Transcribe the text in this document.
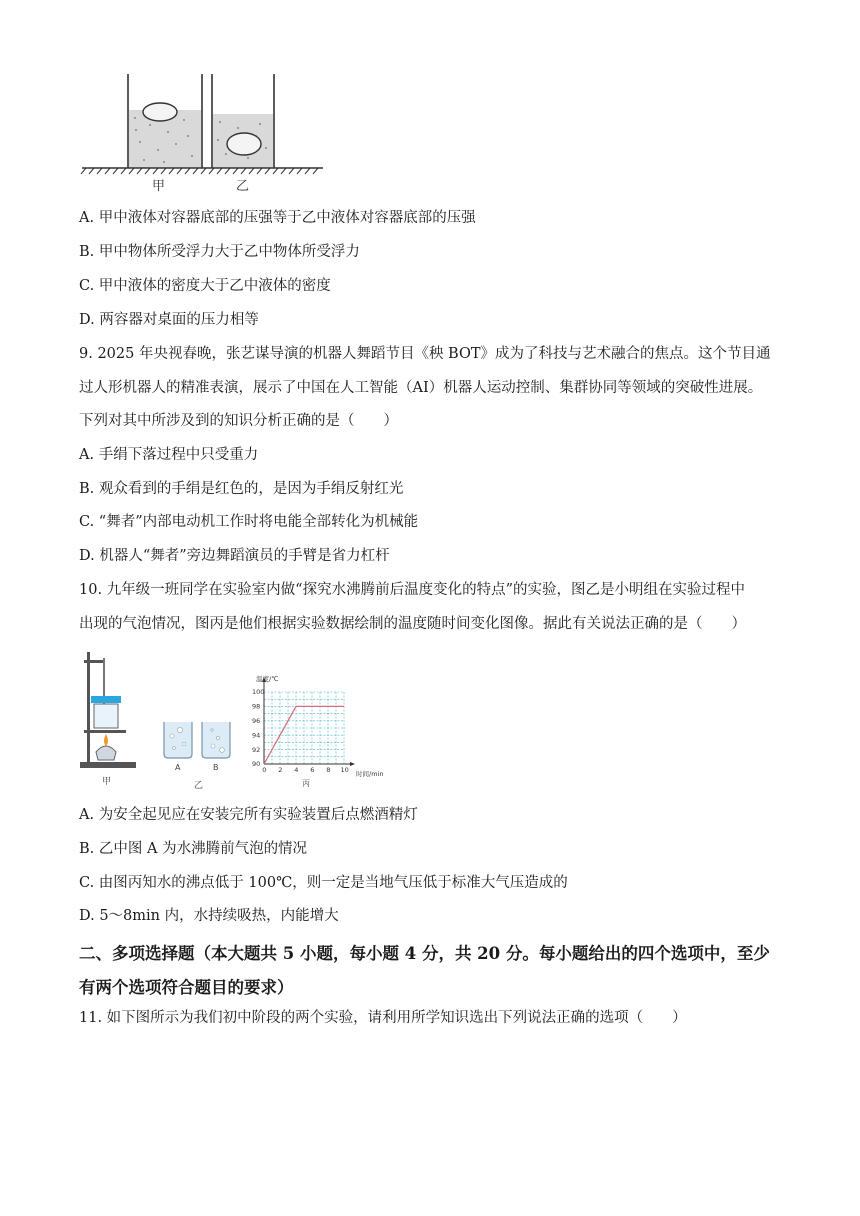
甲	乙
A. 甲中液体对容器底部的压强等于乙中液体对容器底部的压强
B. 甲中物体所受浮力大于乙中物体所受浮力
C. 甲中液体的密度大于乙中液体的密度
D. 两容器对桌面的压力相等
9. 2025 年央视春晚，张艺谋导演的机器人舞蹈节目《秧 BOT》成为了科技与艺术融合的焦点。这个节目通
过人形机器人的精准表演，展示了中国在人工智能（AI）机器人运动控制、集群协同等领域的突破性进展。
下列对其中所涉及到的知识分析正确的是（　　）
A. 手绢下落过程中只受重力
B. 观众看到的手绢是红色的，是因为手绢反射红光
C. “舞者”内部电动机工作时将电能全部转化为机械能
D. 机器人“舞者”旁边舞蹈演员的手臂是省力杠杆
10. 九年级一班同学在实验室内做“探究水沸腾前后温度变化的特点”的实验，图乙是小明组在实验过程中
出现的气泡情况，图丙是他们根据实验数据绘制的温度随时间变化图像。据此有关说法正确的是（　　）
甲
A	B
乙
0 2 4 6 8 10
90
92
94
96
98
100
温度/℃
时间/min
丙
A. 为安全起见应在安装完所有实验装置后点燃酒精灯
B. 乙中图 A 为水沸腾前气泡的情况
C. 由图丙知水的沸点低于 100℃，则一定是当地气压低于标准大气压造成的
D. 5～8min 内，水持续吸热，内能增大
二、多项选择题（本大题共 5 小题，每小题 4 分，共 20 分。每小题给出的四个选项中，至少
有两个选项符合题目的要求）
11. 如下图所示为我们初中阶段的两个实验，请利用所学知识选出下列说法正确的选项（　　）
